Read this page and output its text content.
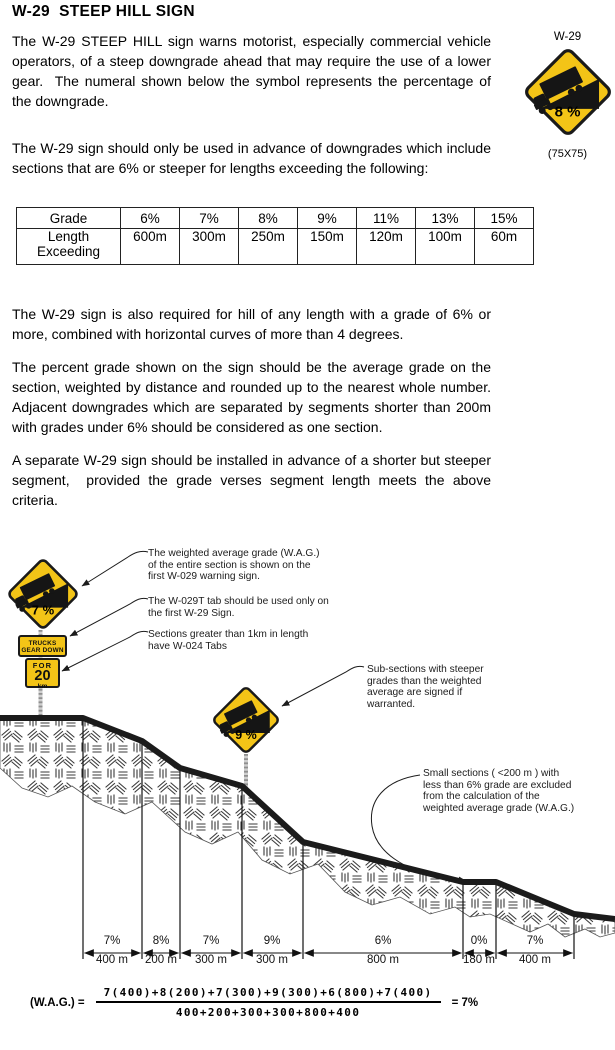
W-29  STEEP HILL SIGN

The W-29 STEEP HILL sign warns motorist, especially commercial vehicle operators, of a steep downgrade ahead that may require the use of a lower gear.  The numeral shown below the symbol represents the percentage of the downgrade.

The W-29 sign should only be used in advance of downgrades which include sections that are 6% or steeper for lengths exceeding the following:

W-29
8 %
(75X75)
Grade	6%	7%	8%	9%	11%	13%	15%
Length Exceeding	600m	300m	250m	150m	120m	100m	60m

The W-29 sign is also required for hill of any length with a grade of 6% or more, combined with horizontal curves of more than 4 degrees.

The percent grade shown on the sign should be the average grade on the section, weighted by distance and rounded up to the nearest whole number. Adjacent downgrades which are separated by segments shorter than 200m with grades under 6% should be considered as one section.

A separate W-29 sign should be installed in advance of a shorter but steeper segment,  provided the grade verses segment length meets the above criteria.

7 %
TRUCKS
GEAR DOWN
FOR
20
km
9 %
The weighted average grade (W.A.G.)
of the entire section is shown on the
first W-029 warning sign.
The W-029T tab should be used only on
the first W-29 Sign.
Sections greater than 1km in length
have W-024 Tabs
Sub-sections with steeper
grades than the weighted
average are signed if
warranted.
Small sections ( <200 m ) with
less than 6% grade are excluded
from the calculation of the
weighted average grade (W.A.G.)
7%	8%	7%	9%	6%	0%	7%
400 m 200 m 300 m	300 m	800 m	180 m 400 m
$(W.A.G.) = \frac{7(400)+8(200)+7(300)+9(300)+6(800)+7(400)}{400+200+300+300+800+400} = 7\%$
